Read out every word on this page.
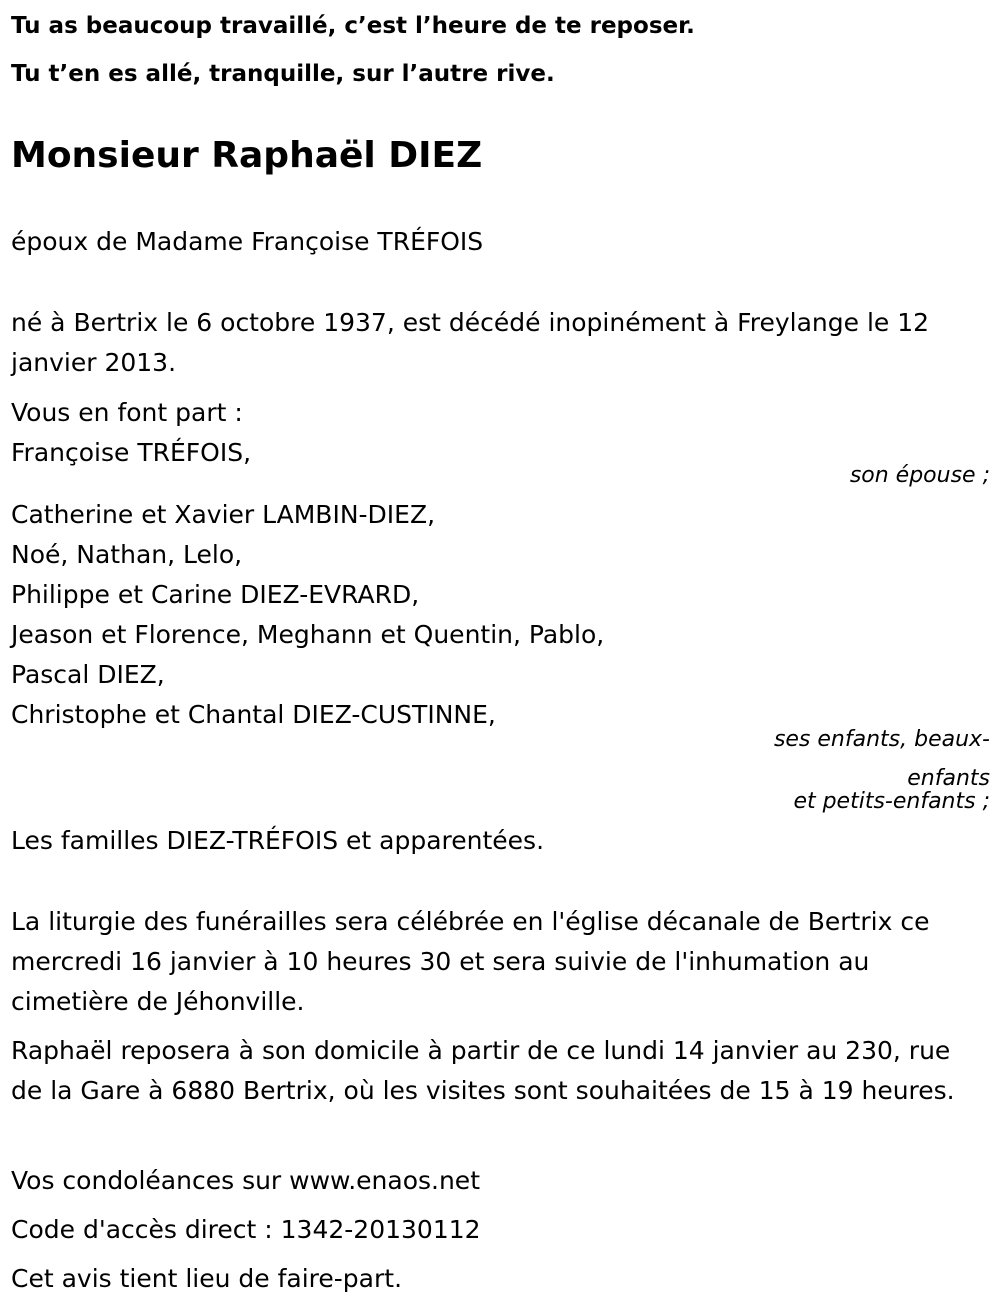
Tu as beaucoup travaillé, c’est l’heure de te reposer.

Tu t’en es allé, tranquille, sur l’autre rive.

Monsieur Raphaël DIEZ

époux de Madame Françoise TRÉFOIS

né à Bertrix le 6 octobre 1937, est décédé inopinément à Freylange le 12 janvier 2013.

Vous en font part :

Françoise TRÉFOIS,

son épouse ;

Catherine et Xavier LAMBIN-DIEZ,

Noé, Nathan, Lelo,

Philippe et Carine DIEZ-EVRARD,

Jeason et Florence, Meghann et Quentin, Pablo,

Pascal DIEZ,

Christophe et Chantal DIEZ-CUSTINNE,

ses enfants, beaux-

enfants

et petits-enfants ;

Les familles DIEZ-TRÉFOIS et apparentées.

La liturgie des funérailles sera célébrée en l'église décanale de Bertrix ce mercredi 16 janvier à 10 heures 30 et sera suivie de l'inhumation au cimetière de Jéhonville.

Raphaël reposera à son domicile à partir de ce lundi 14 janvier au 230, rue de la Gare à 6880 Bertrix, où les visites sont souhaitées de 15 à 19 heures.

Vos condoléances sur www.enaos.net

Code d'accès direct : 1342-20130112

Cet avis tient lieu de faire-part.
